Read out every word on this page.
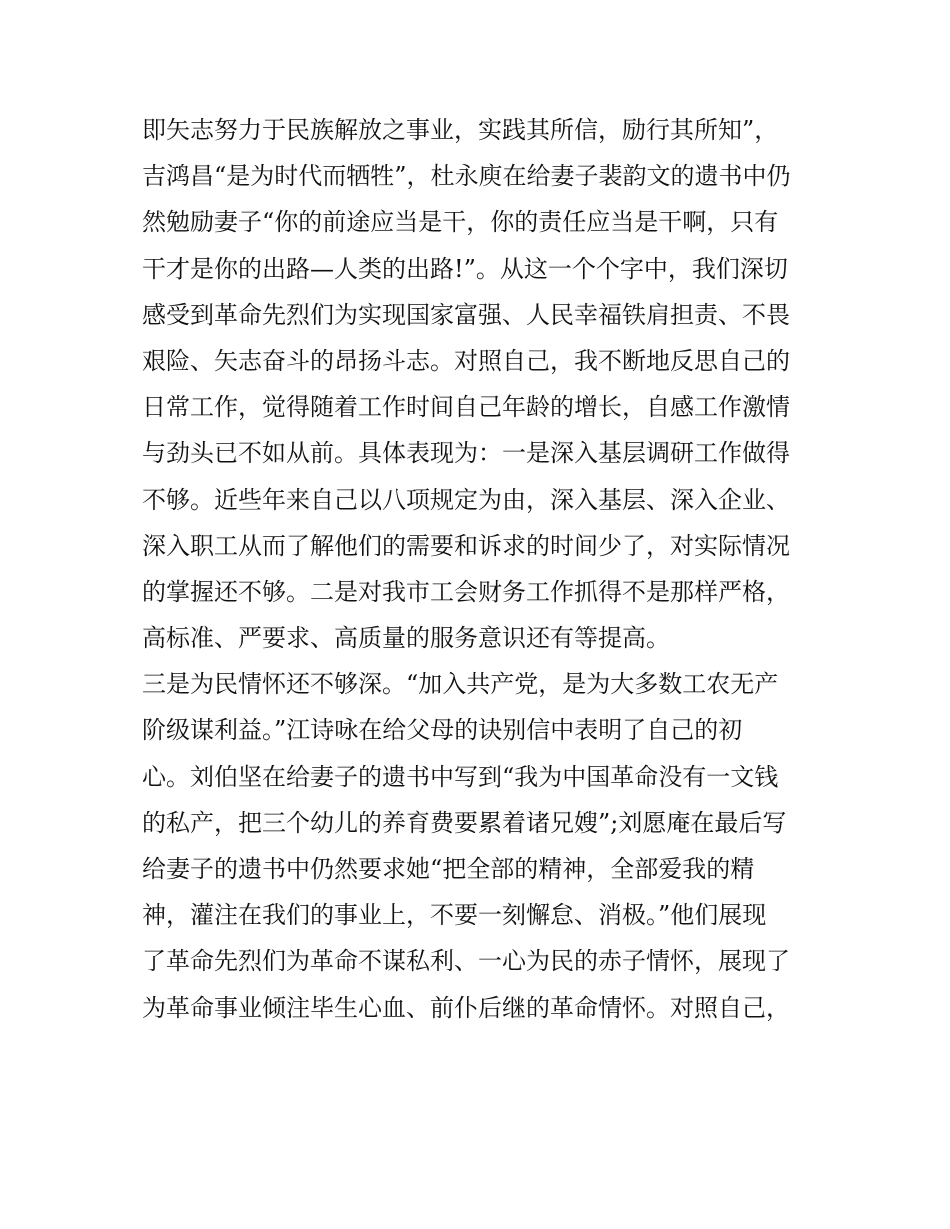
即矢志努力于民族解放之事业，实践其所信，励行其所知”，
吉鸿昌“是为时代而牺牲”，杜永庾在给妻子裴韵文的遗书中仍
然勉励妻子“你的前途应当是干，你的责任应当是干啊，只有
干才是你的出路—人类的出路!”。从这一个个字中，我们深切
感受到革命先烈们为实现国家富强、人民幸福铁肩担责、不畏
艰险、矢志奋斗的昂扬斗志。对照自己，我不断地反思自己的
日常工作，觉得随着工作时间自己年龄的增长，自感工作激情
与劲头已不如从前。具体表现为：一是深入基层调研工作做得
不够。近些年来自己以八项规定为由，深入基层、深入企业、
深入职工从而了解他们的需要和诉求的时间少了，对实际情况
的掌握还不够。二是对我市工会财务工作抓得不是那样严格，
高标准、严要求、高质量的服务意识还有等提高。
三是为民情怀还不够深。“加入共产党，是为大多数工农无产
阶级谋利益。”江诗咏在给父母的诀别信中表明了自己的初
心。刘伯坚在给妻子的遗书中写到“我为中国革命没有一文钱
的私产，把三个幼儿的养育费要累着诸兄嫂”;刘愿庵在最后写
给妻子的遗书中仍然要求她“把全部的精神，全部爱我的精
神，灌注在我们的事业上，不要一刻懈怠、消极。”他们展现
了革命先烈们为革命不谋私利、一心为民的赤子情怀，展现了
为革命事业倾注毕生心血、前仆后继的革命情怀。对照自己，
